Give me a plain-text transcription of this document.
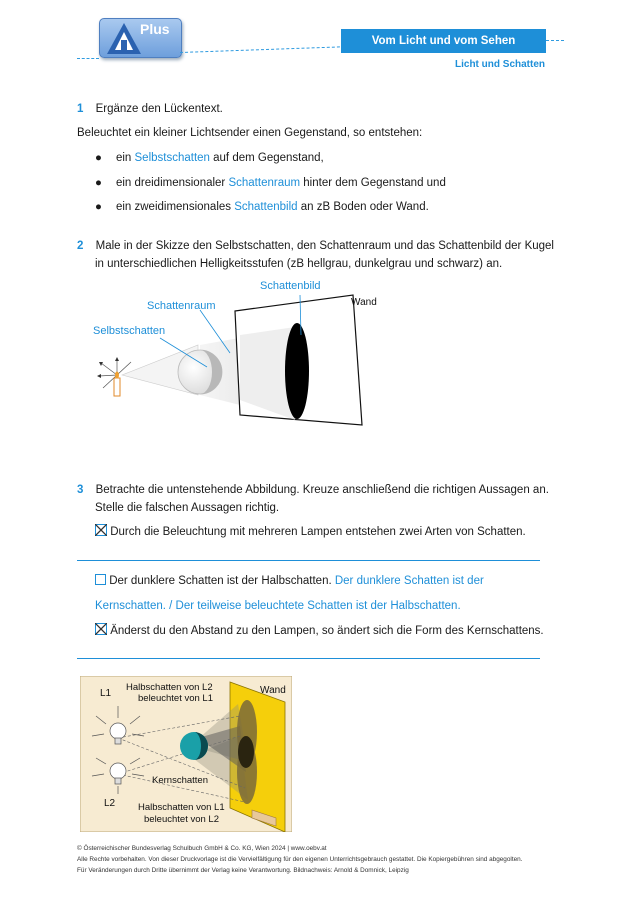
Plus
Vom Licht und vom Sehen
Licht und Schatten
1 Ergänze den Lückentext.
Beleuchtet ein kleiner Lichtsender einen Gegenstand, so entstehen:
● ein Selbstschatten auf dem Gegenstand,
● ein dreidimensionaler Schattenraum hinter dem Gegenstand und
● ein zweidimensionales Schattenbild an zB Boden oder Wand.
2 Male in der Skizze den Selbstschatten, den Schattenraum und das Schattenbild der Kugel
in unterschiedlichen Helligkeitsstufen (zB hellgrau, dunkelgrau und schwarz) an.
Schattenbild
Schattenraum
Selbstschatten
Wand
3 Betrachte die untenstehende Abbildung. Kreuze anschließend die richtigen Aussagen an.
Stelle die falschen Aussagen richtig.
Durch die Beleuchtung mit mehreren Lampen entstehen zwei Arten von Schatten.
Der dunklere Schatten ist der Halbschatten. Der dunklere Schatten ist der
Kernschatten. / Der teilweise beleuchtete Schatten ist der Halbschatten.
Änderst du den Abstand zu den Lampen, so ändert sich die Form des Kernschattens.
L1
L2
Halbschatten von L2
beleuchtet von L1
Wand
Kernschatten
Halbschatten von L1
beleuchtet von L2
© Österreichischer Bundesverlag Schulbuch GmbH & Co. KG, Wien 2024 | www.oebv.at
Alle Rechte vorbehalten. Von dieser Druckvorlage ist die Vervielfältigung für den eigenen Unterrichtsgebrauch gestattet. Die Kopiergebühren sind abgegolten.
Für Veränderungen durch Dritte übernimmt der Verlag keine Verantwortung. Bildnachweis: Arnold & Domnick, Leipzig
